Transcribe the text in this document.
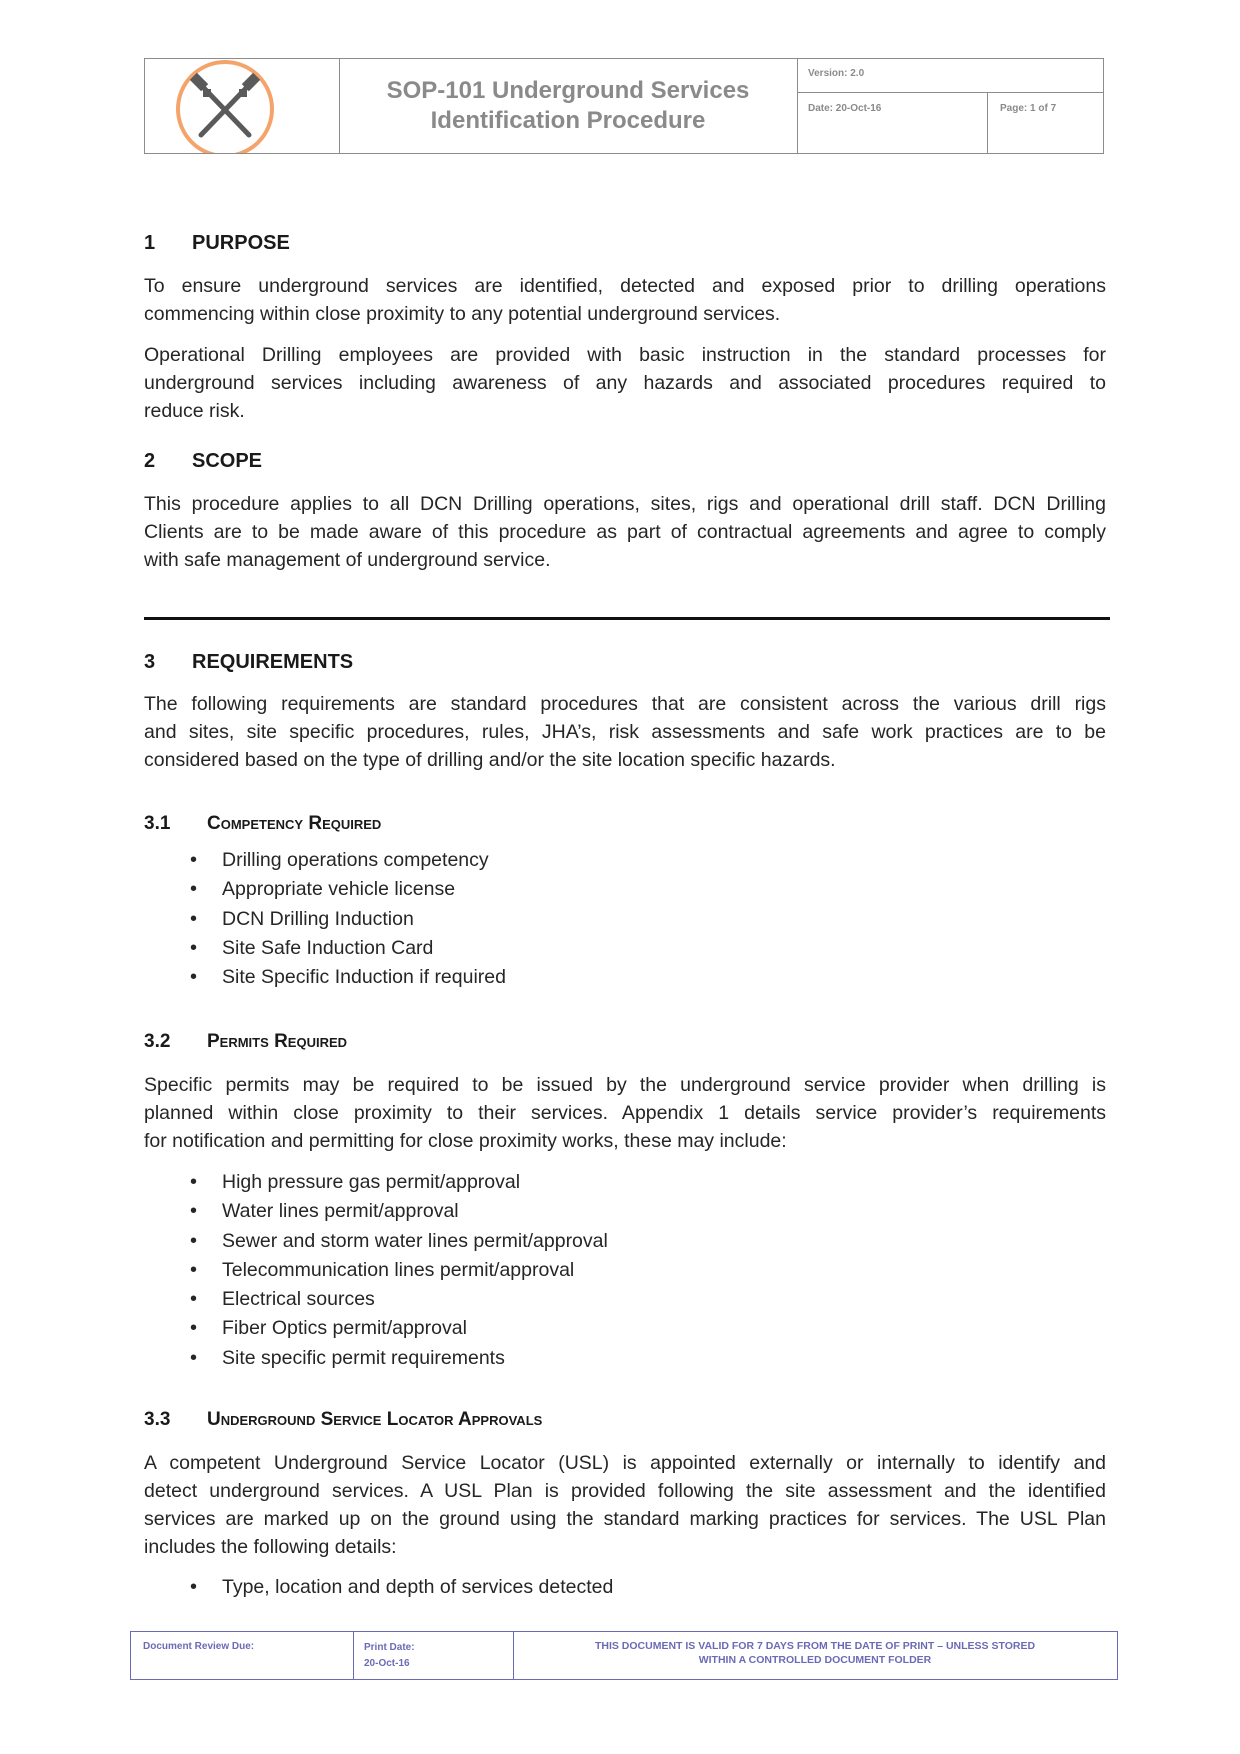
SOP-101 Underground Services
Identification Procedure
Version: 2.0
Date: 20-Oct-16	Page: 1 of 7
1 PURPOSE
To ensure underground services are identified, detected and exposed prior to drilling operations
commencing within close proximity to any potential underground services.
Operational Drilling employees are provided with basic instruction in the standard processes for
underground services including awareness of any hazards and associated procedures required to
reduce risk.
2 SCOPE
This procedure applies to all DCN Drilling operations, sites, rigs and operational drill staff. DCN Drilling
Clients are to be made aware of this procedure as part of contractual agreements and agree to comply
with safe management of underground service.
3 REQUIREMENTS
The following requirements are standard procedures that are consistent across the various drill rigs
and sites, site specific procedures, rules, JHA’s, risk assessments and safe work practices are to be
considered based on the type of drilling and/or the site location specific hazards.
3.1 Competency Required
• Drilling operations competency
• Appropriate vehicle license
• DCN Drilling Induction
• Site Safe Induction Card
• Site Specific Induction if required
3.2 Permits Required
Specific permits may be required to be issued by the underground service provider when drilling is
planned within close proximity to their services. Appendix 1 details service provider’s requirements
for notification and permitting for close proximity works, these may include:
• High pressure gas permit/approval
• Water lines permit/approval
• Sewer and storm water lines permit/approval
• Telecommunication lines permit/approval
• Electrical sources
• Fiber Optics permit/approval
• Site specific permit requirements
3.3 Underground Service Locator Approvals
A competent Underground Service Locator (USL) is appointed externally or internally to identify and
detect underground services. A USL Plan is provided following the site assessment and the identified
services are marked up on the ground using the standard marking practices for services. The USL Plan
includes the following details:
• Type, location and depth of services detected
Document Review Due:	Print Date:
20-Oct-16
THIS DOCUMENT IS VALID FOR 7 DAYS FROM THE DATE OF PRINT – UNLESS STORED
WITHIN A CONTROLLED DOCUMENT FOLDER
